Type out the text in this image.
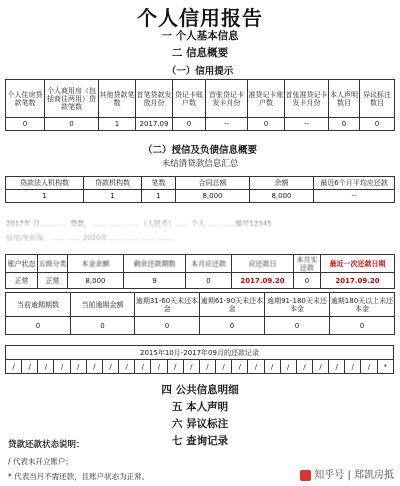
个人信用报告
一 个人基本信息
二 信息概要
（一）信用提示
个人住房贷款笔数	个人商用房（包括商住两用）贷款笔数	其他贷款笔数	首笔贷款发放月份	贷记卡账户数	首张贷记卡发卡月份	准贷记卡账户数	首张准贷记卡发卡月份	本人声明数目	异议标注数目
0	0	1	2017.09	0	--	0	--	0	0
（二）授信及负债信息概要
未结清贷款信息汇总
贷款法人机构数	贷款机构数	笔数	合同总额	余额	最近6个月平均应还款
1	1	1	8,000	8,000	--
账户状态	五级分类	本金余额	剩余还款期数	本月应还款	应还款日	本月实还款	最近一次还款日期
正常	正常	8,000	9	0	2017.09.20	0	2017.09.20
当前逾期期数	当前逾期金额	逾期31-60天未还本金	逾期61-90天未还本金	逾期91-180天未还本金	逾期180天以上未还本金
0	0	0	0	0	0
2015年10月-2017年09月的还款记录
/	/	/	/	/	/	/	/	/	/	/	/	/	/	/	/	/	/	/	/	/	/	/	*
四 公共信息明细
五 本人声明
六 异议标注
七 查询记录
贷款还款状态说明：
/ 代表未开立账户；
* 代表当月不需还款，且账户状态为正常。	知乎号 | 郑凯房抵
